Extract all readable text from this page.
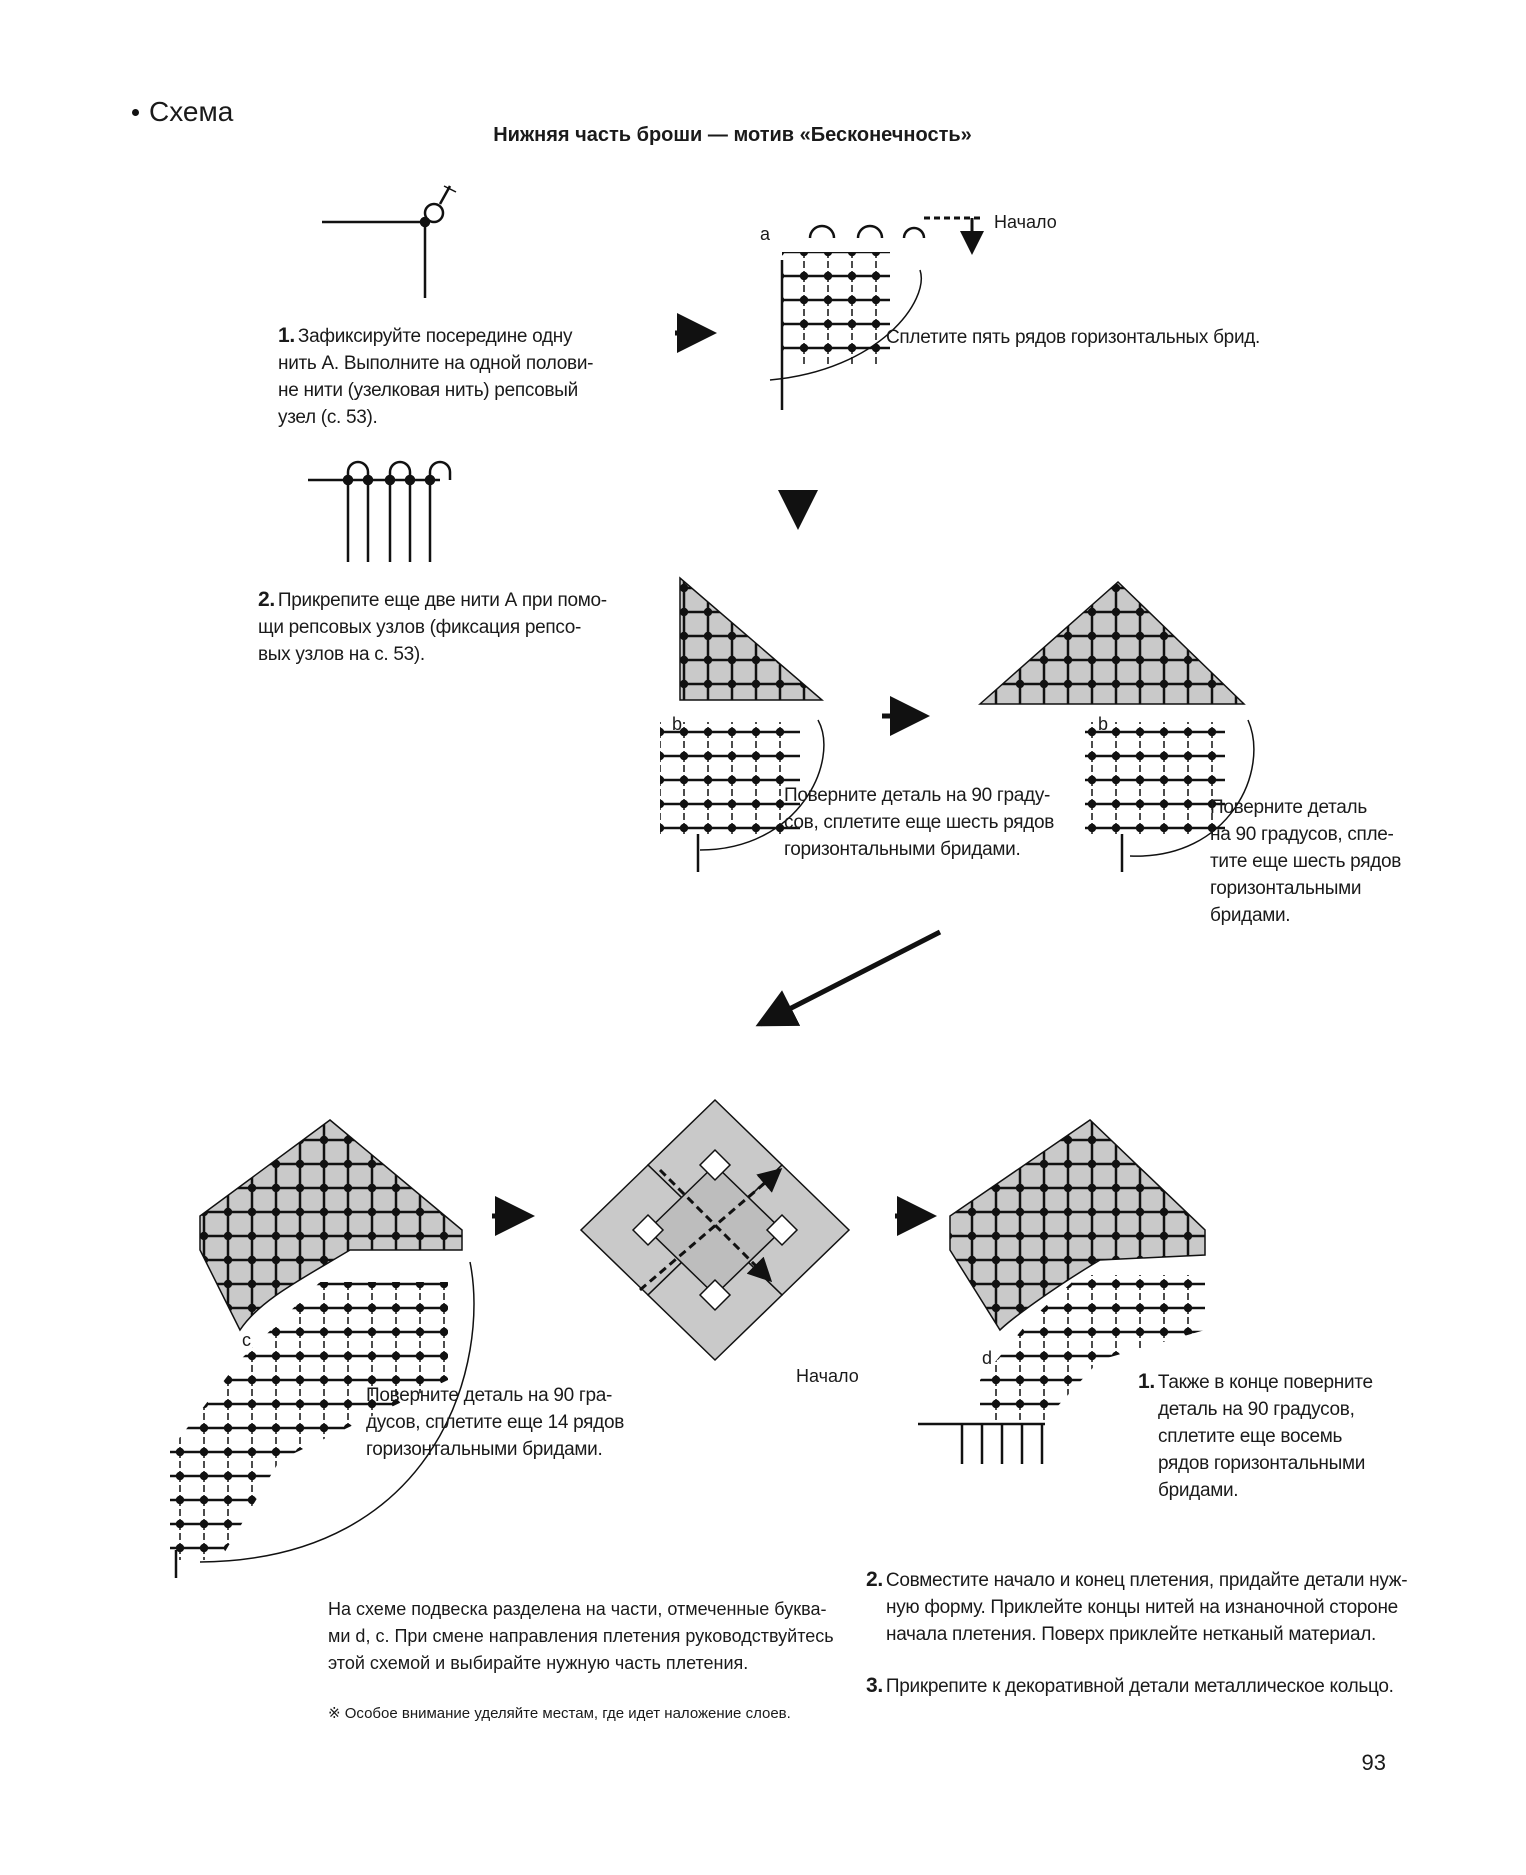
Схема
Нижняя часть броши — мотив «Бесконечность»
a
b	b
c
d
Начало
Начало
1. Зафиксируйте посередине одну
нить А. Выполните на одной полови-
не нити (узелковая нить) репсовый
узел (с. 53).
2. Прикрепите еще две нити А при помо-
щи репсовых узлов (фиксация репсо-
вых узлов на с. 53).
Сплетите пять рядов горизонтальных брид.
Поверните деталь на 90 граду-
сов, сплетите еще шесть рядов
горизонтальными бридами.
Поверните деталь
на 90 градусов, спле-
тите еще шесть рядов
горизонтальными
бридами.
Поверните деталь на 90 гра-
дусов, сплетите еще 14 рядов
горизонтальными бридами.
1. Также в конце поверните
деталь на 90 градусов,
сплетите еще восемь
рядов горизонтальными
бридами.
На схеме подвеска разделена на части, отмеченные буква-
ми d, c. При смене направления плетения руководствуйтесь
этой схемой и выбирайте нужную часть плетения.
※ Особое внимание уделяйте местам, где идет наложение слоев.
2. Совместите начало и конец плетения, придайте детали нуж-
ную форму. Приклейте концы нитей на изнаночной стороне
начала плетения. Поверх приклейте нетканый материал.
3. Прикрепите к декоративной детали металлическое кольцо.
93
